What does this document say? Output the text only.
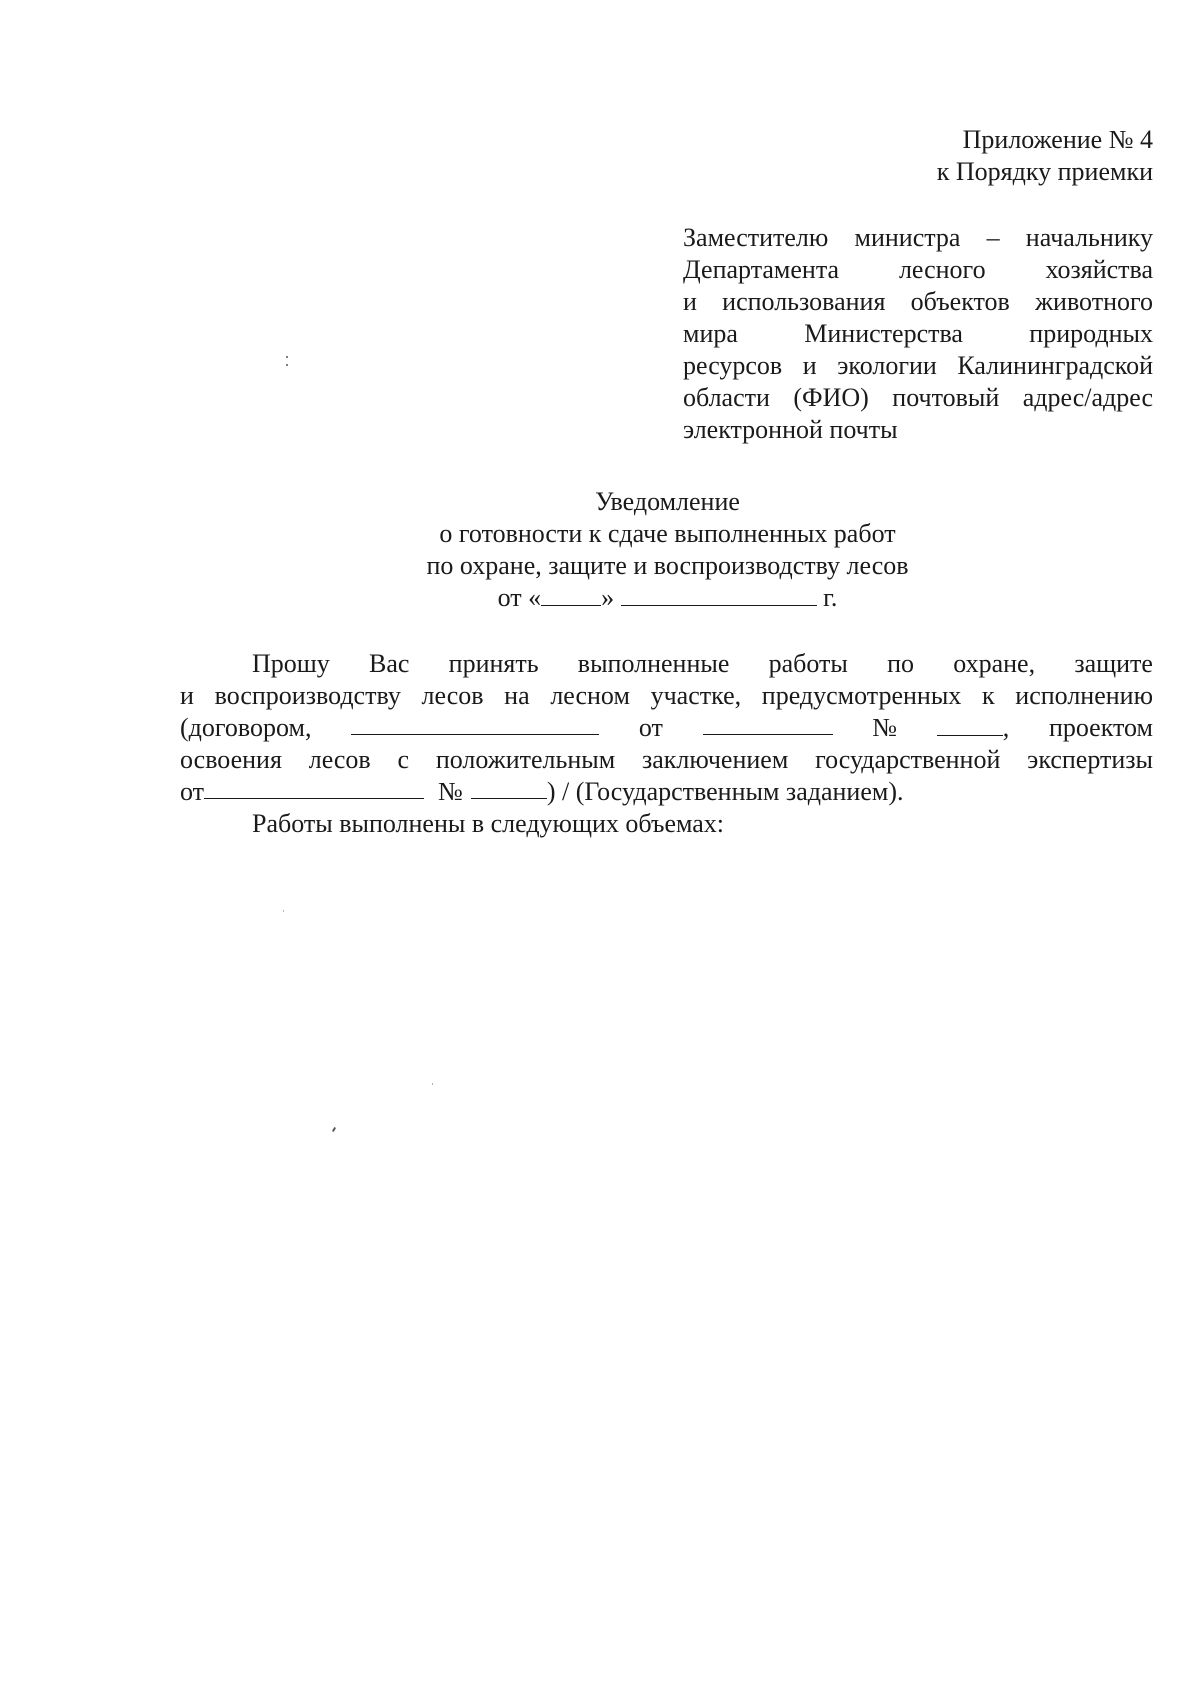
Приложение № 4
к Порядку приемки
Заместителю министра – начальнику
Департамента лесного хозяйства
и использования объектов животного
мира Министерства природных
ресурсов и экологии Калининградской
области (ФИО) почтовый адрес/адрес
электронной почты
Уведомление
о готовности к сдаче выполненных работ
по охране, защите и воспроизводству лесов
от « »	г.
Прошу Вас принять выполненные работы по охране, защите
и воспроизводству лесов на лесном участке, предусмотренных к исполнению
(договором,	от	№	, проектом
освоения лесов с положительным заключением государственной экспертизы
от	№	) / (Государственным заданием).
Работы выполнены в следующих объемах:
